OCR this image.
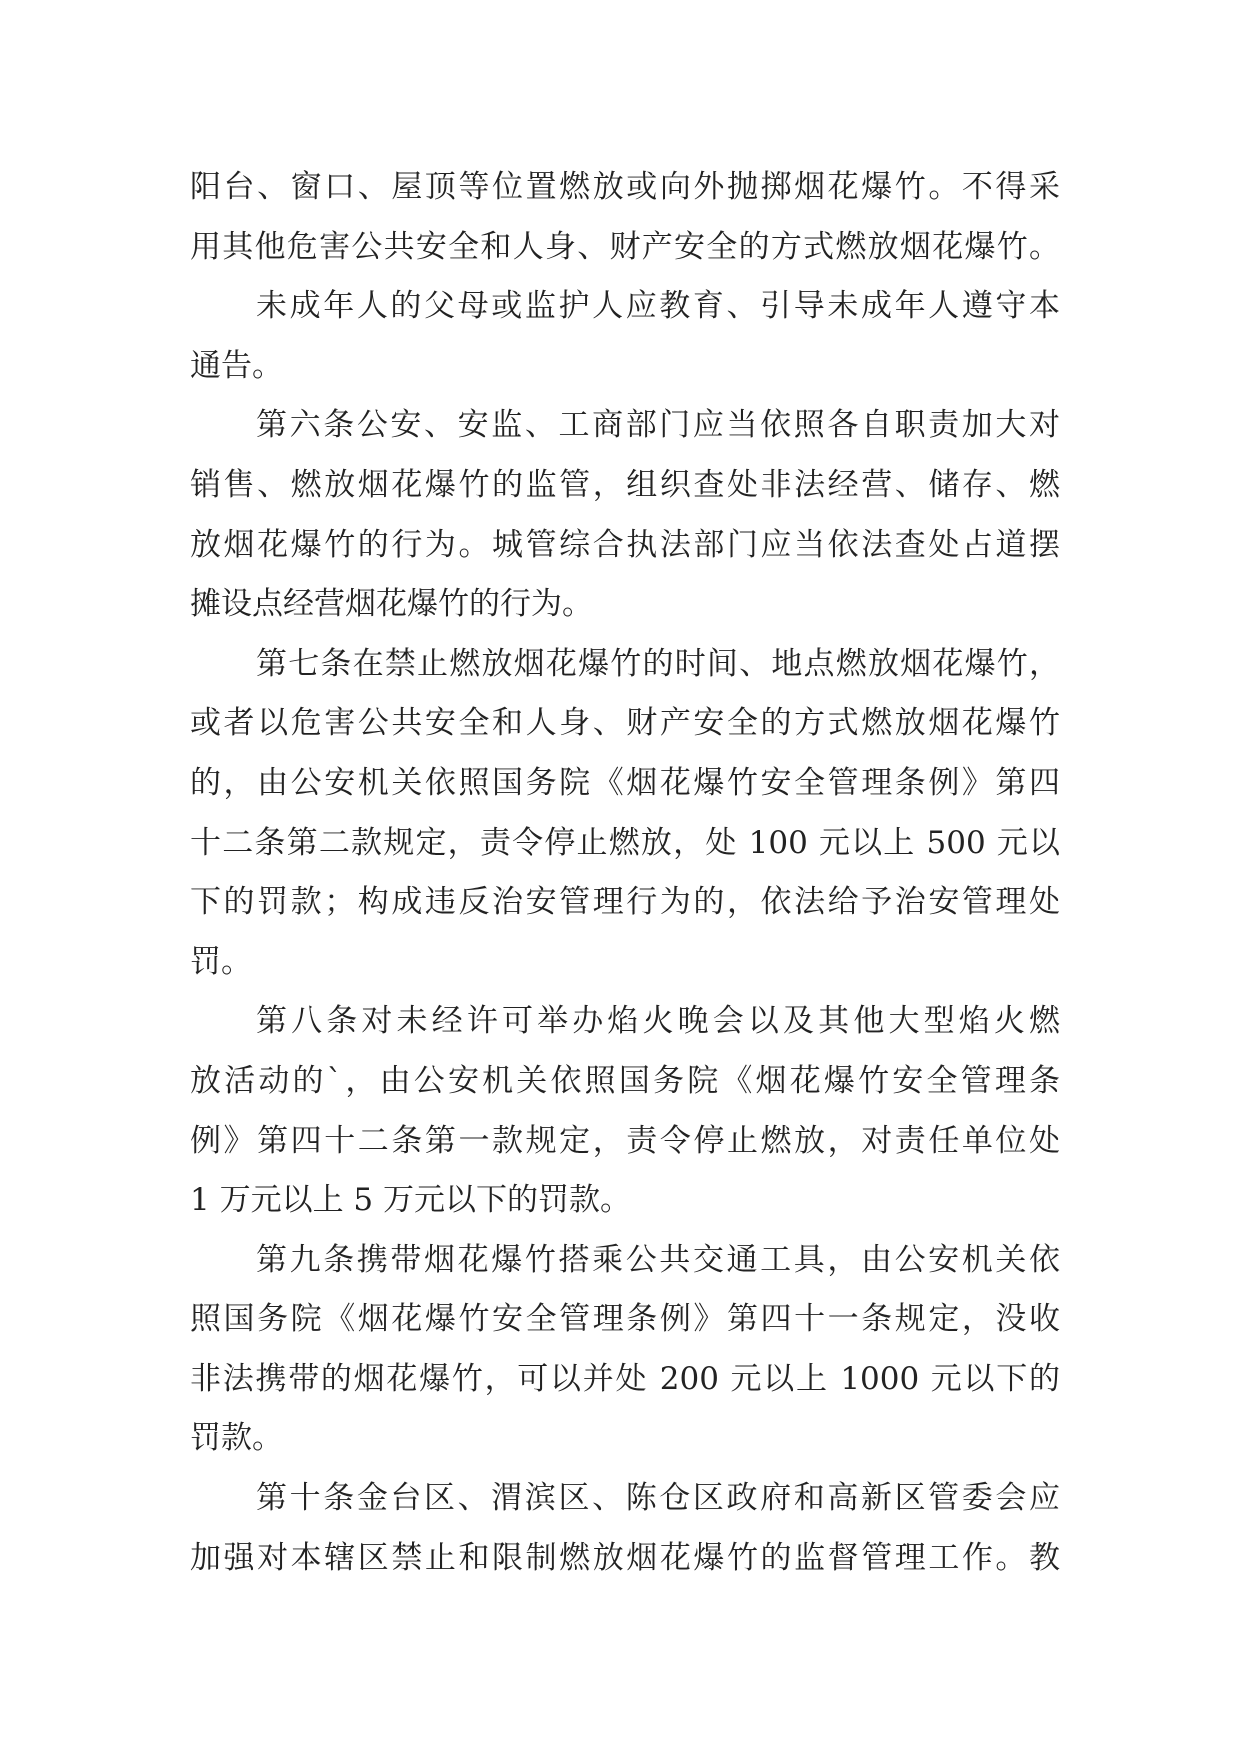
阳台、窗口、屋顶等位置燃放或向外抛掷烟花爆竹。不得采
用其他危害公共安全和人身、财产安全的方式燃放烟花爆竹。
未成年人的父母或监护人应教育、引导未成年人遵守本
通告。
第六条公安、安监、工商部门应当依照各自职责加大对
销售、燃放烟花爆竹的监管，组织查处非法经营、储存、燃
放烟花爆竹的行为。城管综合执法部门应当依法查处占道摆
摊设点经营烟花爆竹的行为。
第七条在禁止燃放烟花爆竹的时间、地点燃放烟花爆竹，
或者以危害公共安全和人身、财产安全的方式燃放烟花爆竹
的，由公安机关依照国务院《烟花爆竹安全管理条例》第四
十二条第二款规定，责令停止燃放，处 100 元以上 500 元以
下的罚款；构成违反治安管理行为的，依法给予治安管理处
罚。
第八条对未经许可举办焰火晚会以及其他大型焰火燃
放活动的`，由公安机关依照国务院《烟花爆竹安全管理条
例》第四十二条第一款规定，责令停止燃放，对责任单位处
1 万元以上 5 万元以下的罚款。
第九条携带烟花爆竹搭乘公共交通工具，由公安机关依
照国务院《烟花爆竹安全管理条例》第四十一条规定，没收
非法携带的烟花爆竹，可以并处 200 元以上 1000 元以下的
罚款。
第十条金台区、渭滨区、陈仓区政府和高新区管委会应
加强对本辖区禁止和限制燃放烟花爆竹的监督管理工作。教
